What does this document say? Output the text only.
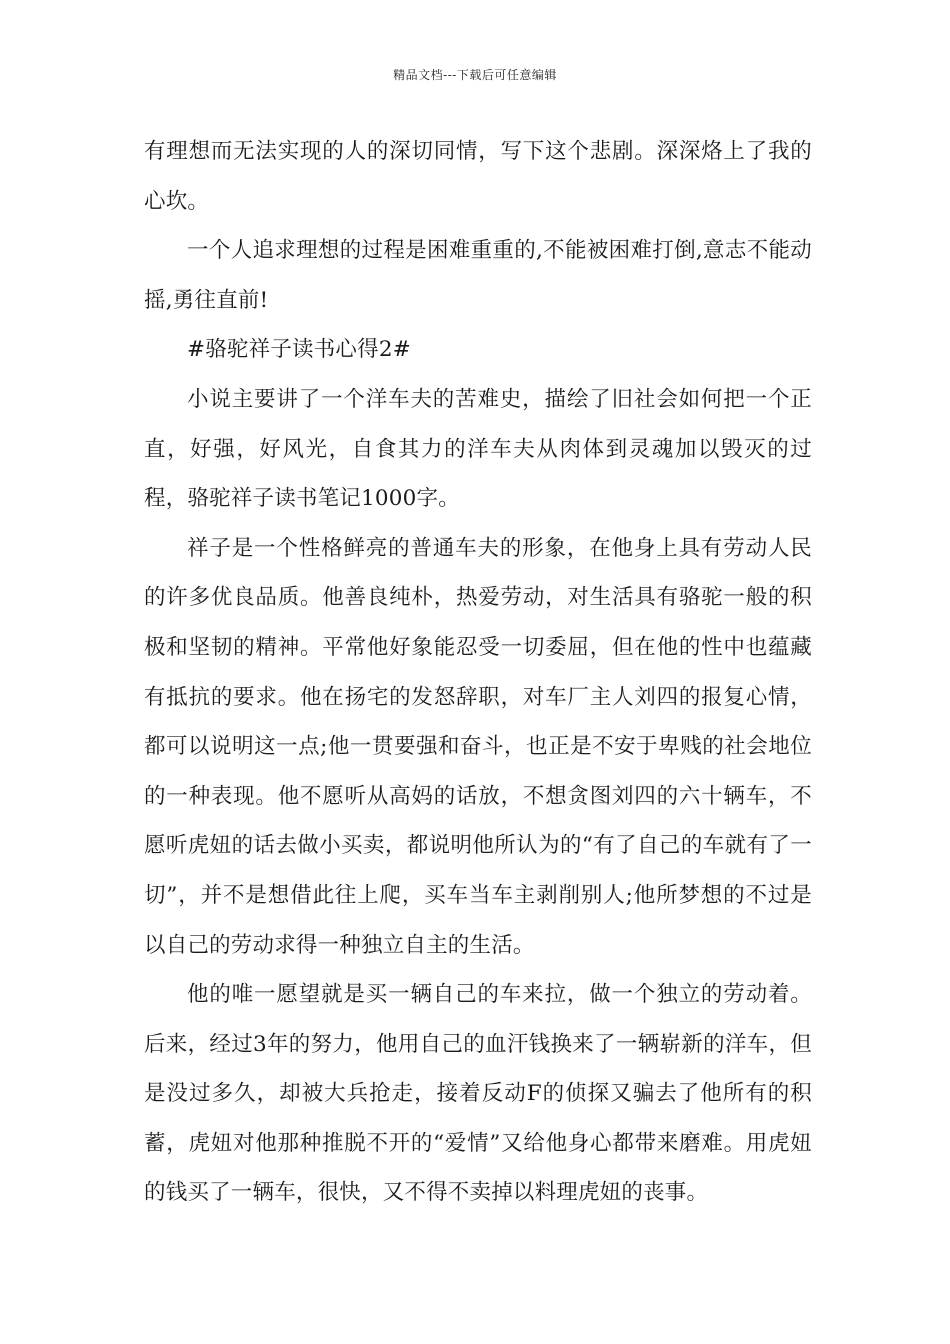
精品文档---下载后可任意编辑

有理想而无法实现的人的深切同情，写下这个悲剧。深深烙上了我的心坎。

一个人追求理想的过程是困难重重的,不能被困难打倒,意志不能动摇,勇往直前!

#骆驼祥子读书心得2#

小说主要讲了一个洋车夫的苦难史，描绘了旧社会如何把一个正直，好强，好风光，自食其力的洋车夫从肉体到灵魂加以毁灭的过程，骆驼祥子读书笔记1000字。

祥子是一个性格鲜亮的普通车夫的形象，在他身上具有劳动人民的许多优良品质。他善良纯朴，热爱劳动，对生活具有骆驼一般的积极和坚韧的精神。平常他好象能忍受一切委屈，但在他的性中也蕴藏有抵抗的要求。他在扬宅的发怒辞职，对车厂主人刘四的报复心情，都可以说明这一点;他一贯要强和奋斗，也正是不安于卑贱的社会地位的一种表现。他不愿听从高妈的话放，不想贪图刘四的六十辆车，不愿听虎妞的话去做小买卖，都说明他所认为的“有了自己的车就有了一切”，并不是想借此往上爬，买车当车主剥削别人;他所梦想的不过是以自己的劳动求得一种独立自主的生活。

他的唯一愿望就是买一辆自己的车来拉，做一个独立的劳动着。后来，经过3年的努力，他用自己的血汗钱换来了一辆崭新的洋车，但是没过多久，却被大兵抢走，接着反动F的侦探又骗去了他所有的积蓄，虎妞对他那种推脱不开的“爱情”又给他身心都带来磨难。用虎妞的钱买了一辆车，很快，又不得不卖掉以料理虎妞的丧事。
